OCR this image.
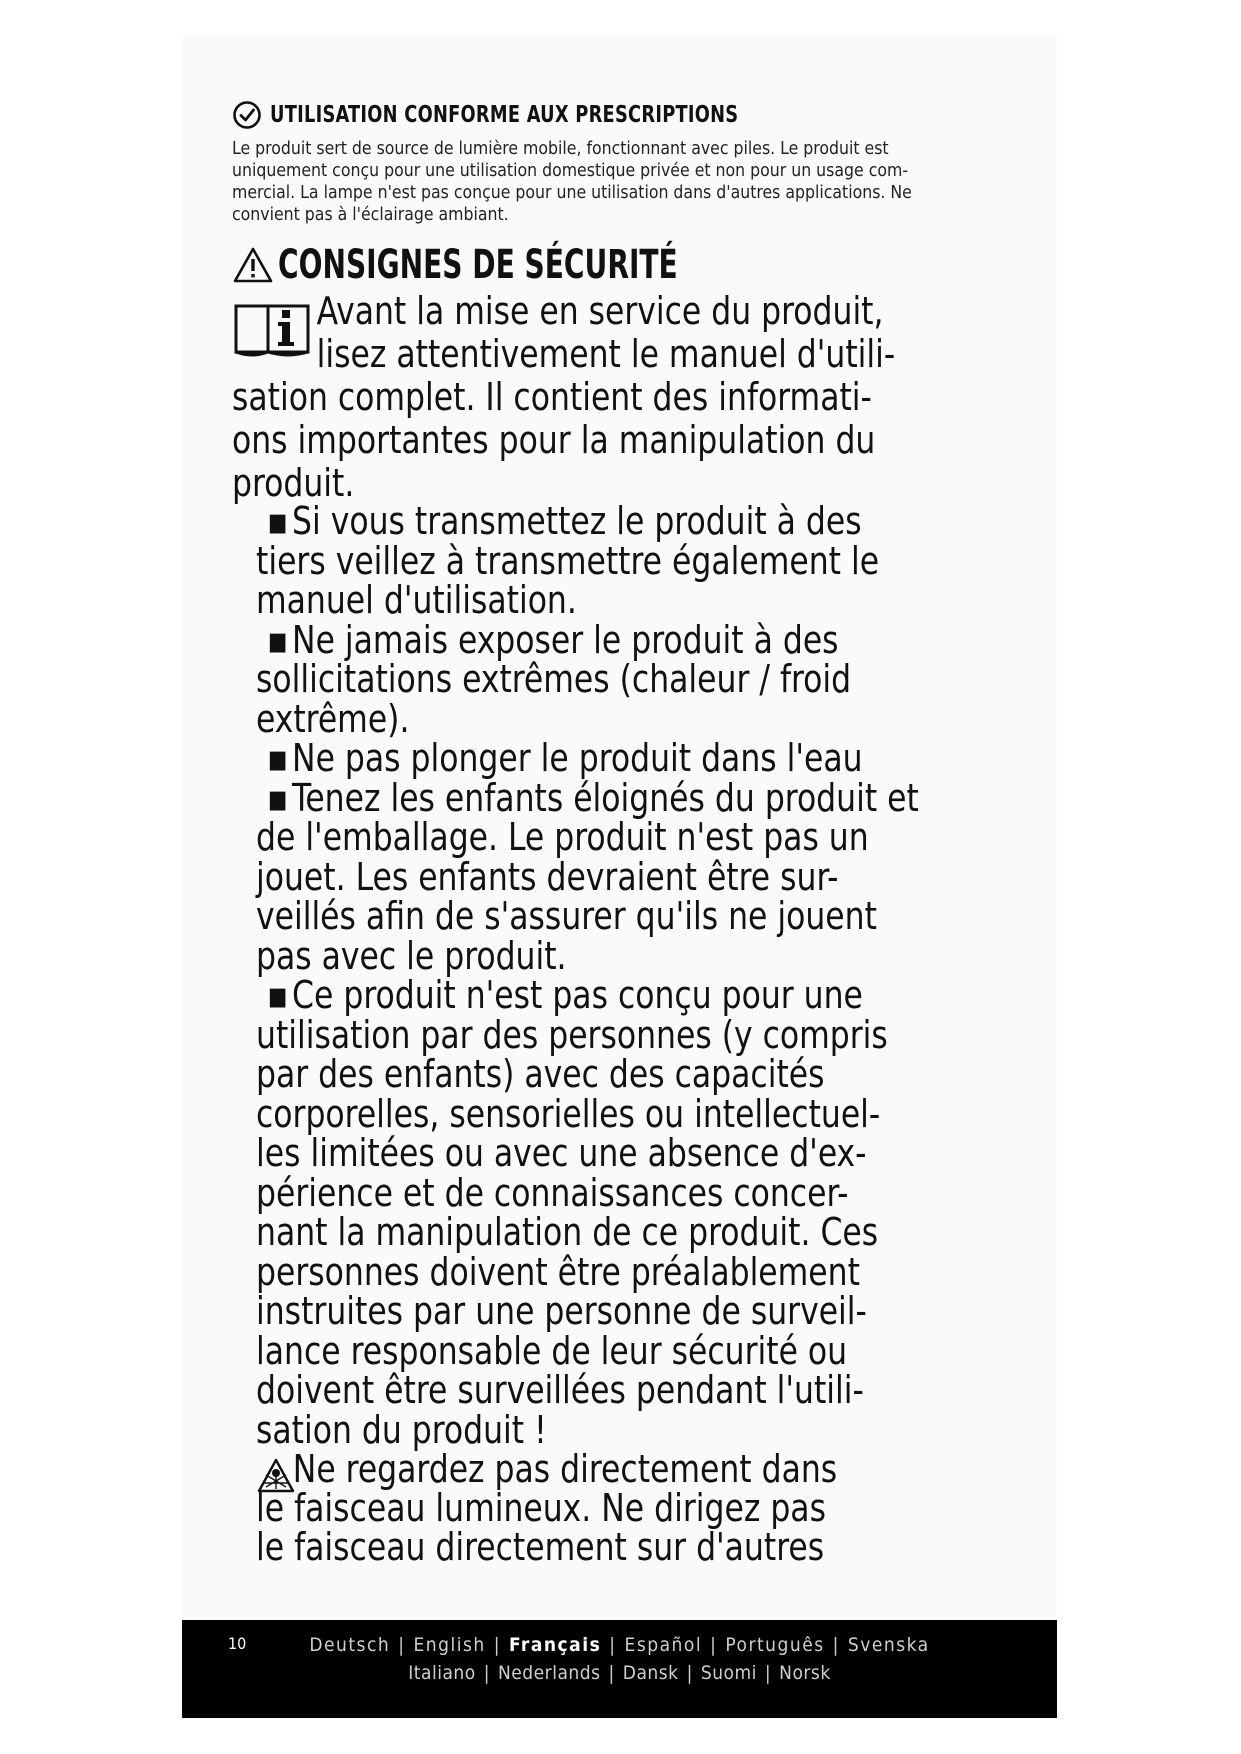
UTILISATION CONFORME AUX PRESCRIPTIONS
Le produit sert de source de lumière mobile, fonctionnant avec piles. Le produit est
uniquement conçu pour une utilisation domestique privée et non pour un usage com-
mercial. La lampe n'est pas conçue pour une utilisation dans d'autres applications. Ne
convient pas à l'éclairage ambiant.
CONSIGNES DE SÉCURITÉ
Avant la mise en service du produit,
lisez attentivement le manuel d'utili-
sation complet. Il contient des informati-
ons importantes pour la manipulation du
produit.
▪ Si vous transmettez le produit à des
tiers veillez à transmettre également le
manuel d'utilisation.
▪ Ne jamais exposer le produit à des
sollicitations extrêmes (chaleur / froid
extrême).
▪ Ne pas plonger le produit dans l'eau
▪ Tenez les enfants éloignés du produit et
de l'emballage. Le produit n'est pas un
jouet. Les enfants devraient être sur-
veillés afin de s'assurer qu'ils ne jouent
pas avec le produit.
▪ Ce produit n'est pas conçu pour une
utilisation par des personnes (y compris
par des enfants) avec des capacités
corporelles, sensorielles ou intellectuel-
les limitées ou avec une absence d'ex-
périence et de connaissances concer-
nant la manipulation de ce produit. Ces
personnes doivent être préalablement
instruites par une personne de surveil-
lance responsable de leur sécurité ou
doivent être surveillées pendant l'utili-
sation du produit !
Ne regardez pas directement dans
le faisceau lumineux. Ne dirigez pas
le faisceau directement sur d'autres
10	Deutsch | English | Français | Español | Português | Svenska
Italiano | Nederlands | Dansk | Suomi | Norsk
